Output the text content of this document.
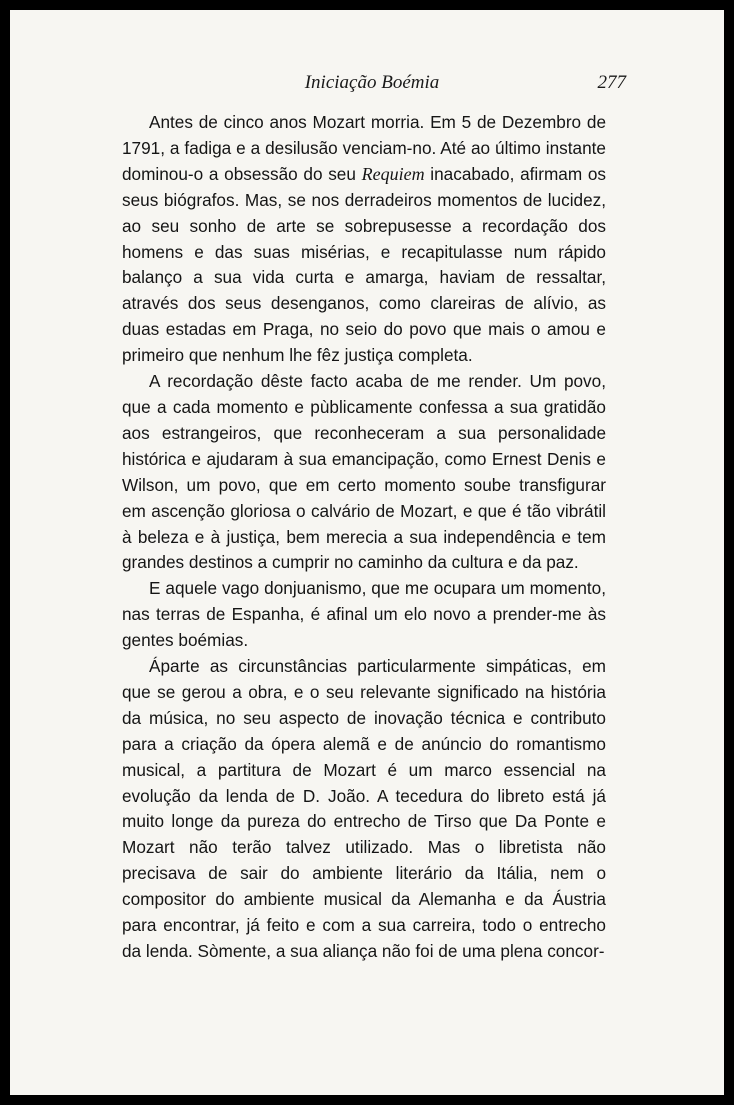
Iniciação Boémia	277

Antes de cinco anos Mozart morria. Em 5 de Dezembro de 1791, a fadiga e a desilusão venciam-no. Até ao último instante dominou-o a obsessão do seu Requiem inacabado, afirmam os seus biógrafos. Mas, se nos derradeiros momentos de lucidez, ao seu sonho de arte se sobrepusesse a recordação dos homens e das suas misérias, e recapitulasse num rápido balanço a sua vida curta e amarga, haviam de ressaltar, através dos seus desenganos, como clareiras de alívio, as duas estadas em Praga, no seio do povo que mais o amou e primeiro que nenhum lhe fêz justiça completa.

A recordação dêste facto acaba de me render. Um povo, que a cada momento e pùblicamente confessa a sua gratidão aos estrangeiros, que reconheceram a sua personalidade histórica e ajudaram à sua emancipação, como Ernest Denis e Wilson, um povo, que em certo momento soube transfigurar em ascenção gloriosa o calvário de Mozart, e que é tão vibrátil à beleza e à justiça, bem merecia a sua independência e tem grandes destinos a cumprir no caminho da cultura e da paz.

E aquele vago donjuanismo, que me ocupara um momento, nas terras de Espanha, é afinal um elo novo a prender-me às gentes boémias.

Áparte as circunstâncias particularmente simpáticas, em que se gerou a obra, e o seu relevante significado na história da música, no seu aspecto de inovação técnica e contributo para a criação da ópera alemã e de anúncio do romantismo musical, a partitura de Mozart é um marco essencial na evolução da lenda de D. João. A tecedura do libreto está já muito longe da pureza do entrecho de Tirso que Da Ponte e Mozart não terão talvez utilizado. Mas o libretista não precisava de sair do ambiente literário da Itália, nem o compositor do ambiente musical da Alemanha e da Áustria para encontrar, já feito e com a sua carreira, todo o entrecho da lenda. Sòmente, a sua aliança não foi de uma plena concor-
